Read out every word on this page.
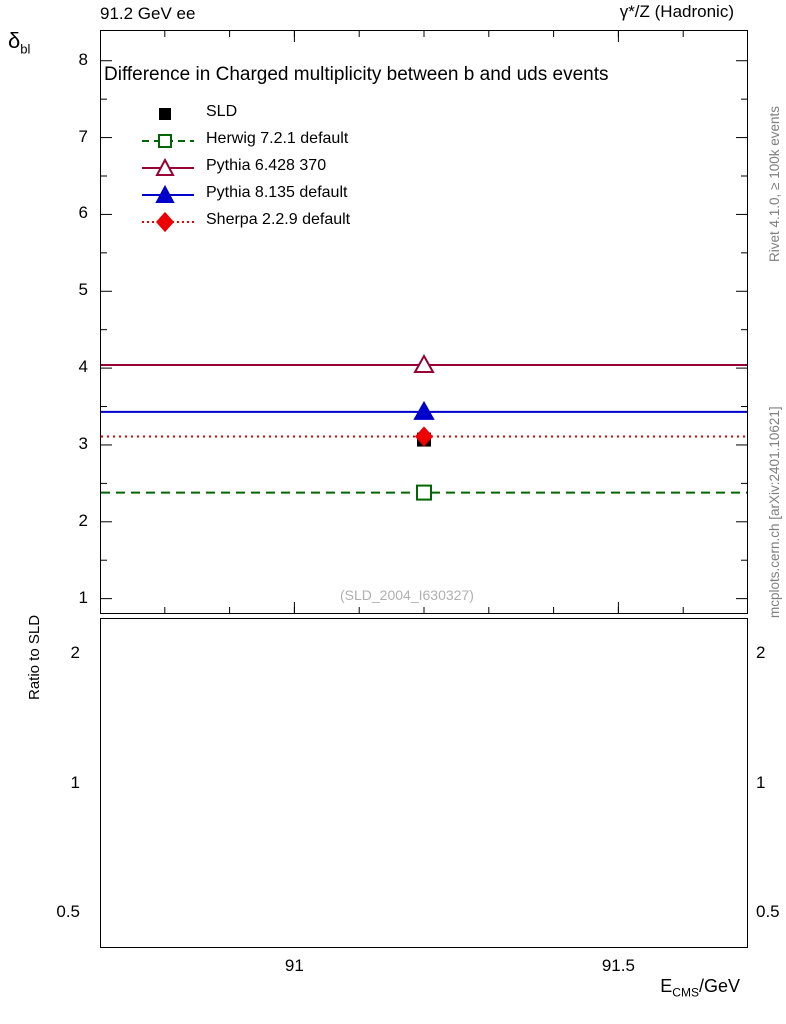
91.2 GeV ee	γ*/Z (Hadronic)
$\delta_{bl}$
Rivet 4.1.0, ≥ 100k events
mcplots.cern.ch [arXiv:2401.10621]
Difference in Charged multiplicity between b and uds events
(SLD_2004_I630327)
Ratio to SLD
$E_{CMS}$/GeV
SLD
Herwig 7.2.1 default
Pythia 6.428 370
Pythia 8.135 default
Sherpa 2.2.9 default
1
2
3
4
5
6
7
8
0.5	0.5
1	1
2	2
91	91.5
